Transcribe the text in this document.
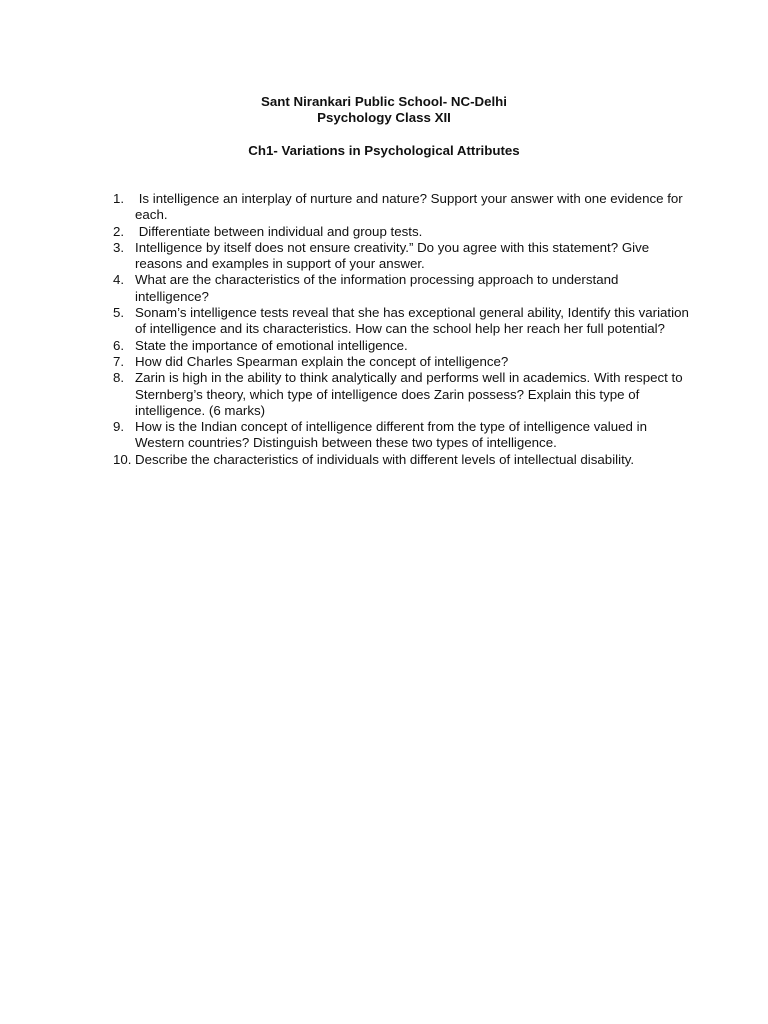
Sant Nirankari Public School- NC-Delhi
Psychology Class XII
Ch1- Variations in Psychological Attributes
1. Is intelligence an interplay of nurture and nature? Support your answer with one evidence for each.
2. Differentiate between individual and group tests.
3. Intelligence by itself does not ensure creativity.” Do you agree with this statement? Give reasons and examples in support of your answer.
4. What are the characteristics of the information processing approach to understand intelligence?
5. Sonam’s intelligence tests reveal that she has exceptional general ability, Identify this variation of intelligence and its characteristics. How can the school help her reach her full potential?
6. State the importance of emotional intelligence.
7. How did Charles Spearman explain the concept of intelligence?
8. Zarin is high in the ability to think analytically and performs well in academics. With respect to Sternberg’s theory, which type of intelligence does Zarin possess? Explain this type of intelligence. (6 marks)
9. How is the Indian concept of intelligence different from the type of intelligence valued in Western countries? Distinguish between these two types of intelligence.
10. Describe the characteristics of individuals with different levels of intellectual disability.
